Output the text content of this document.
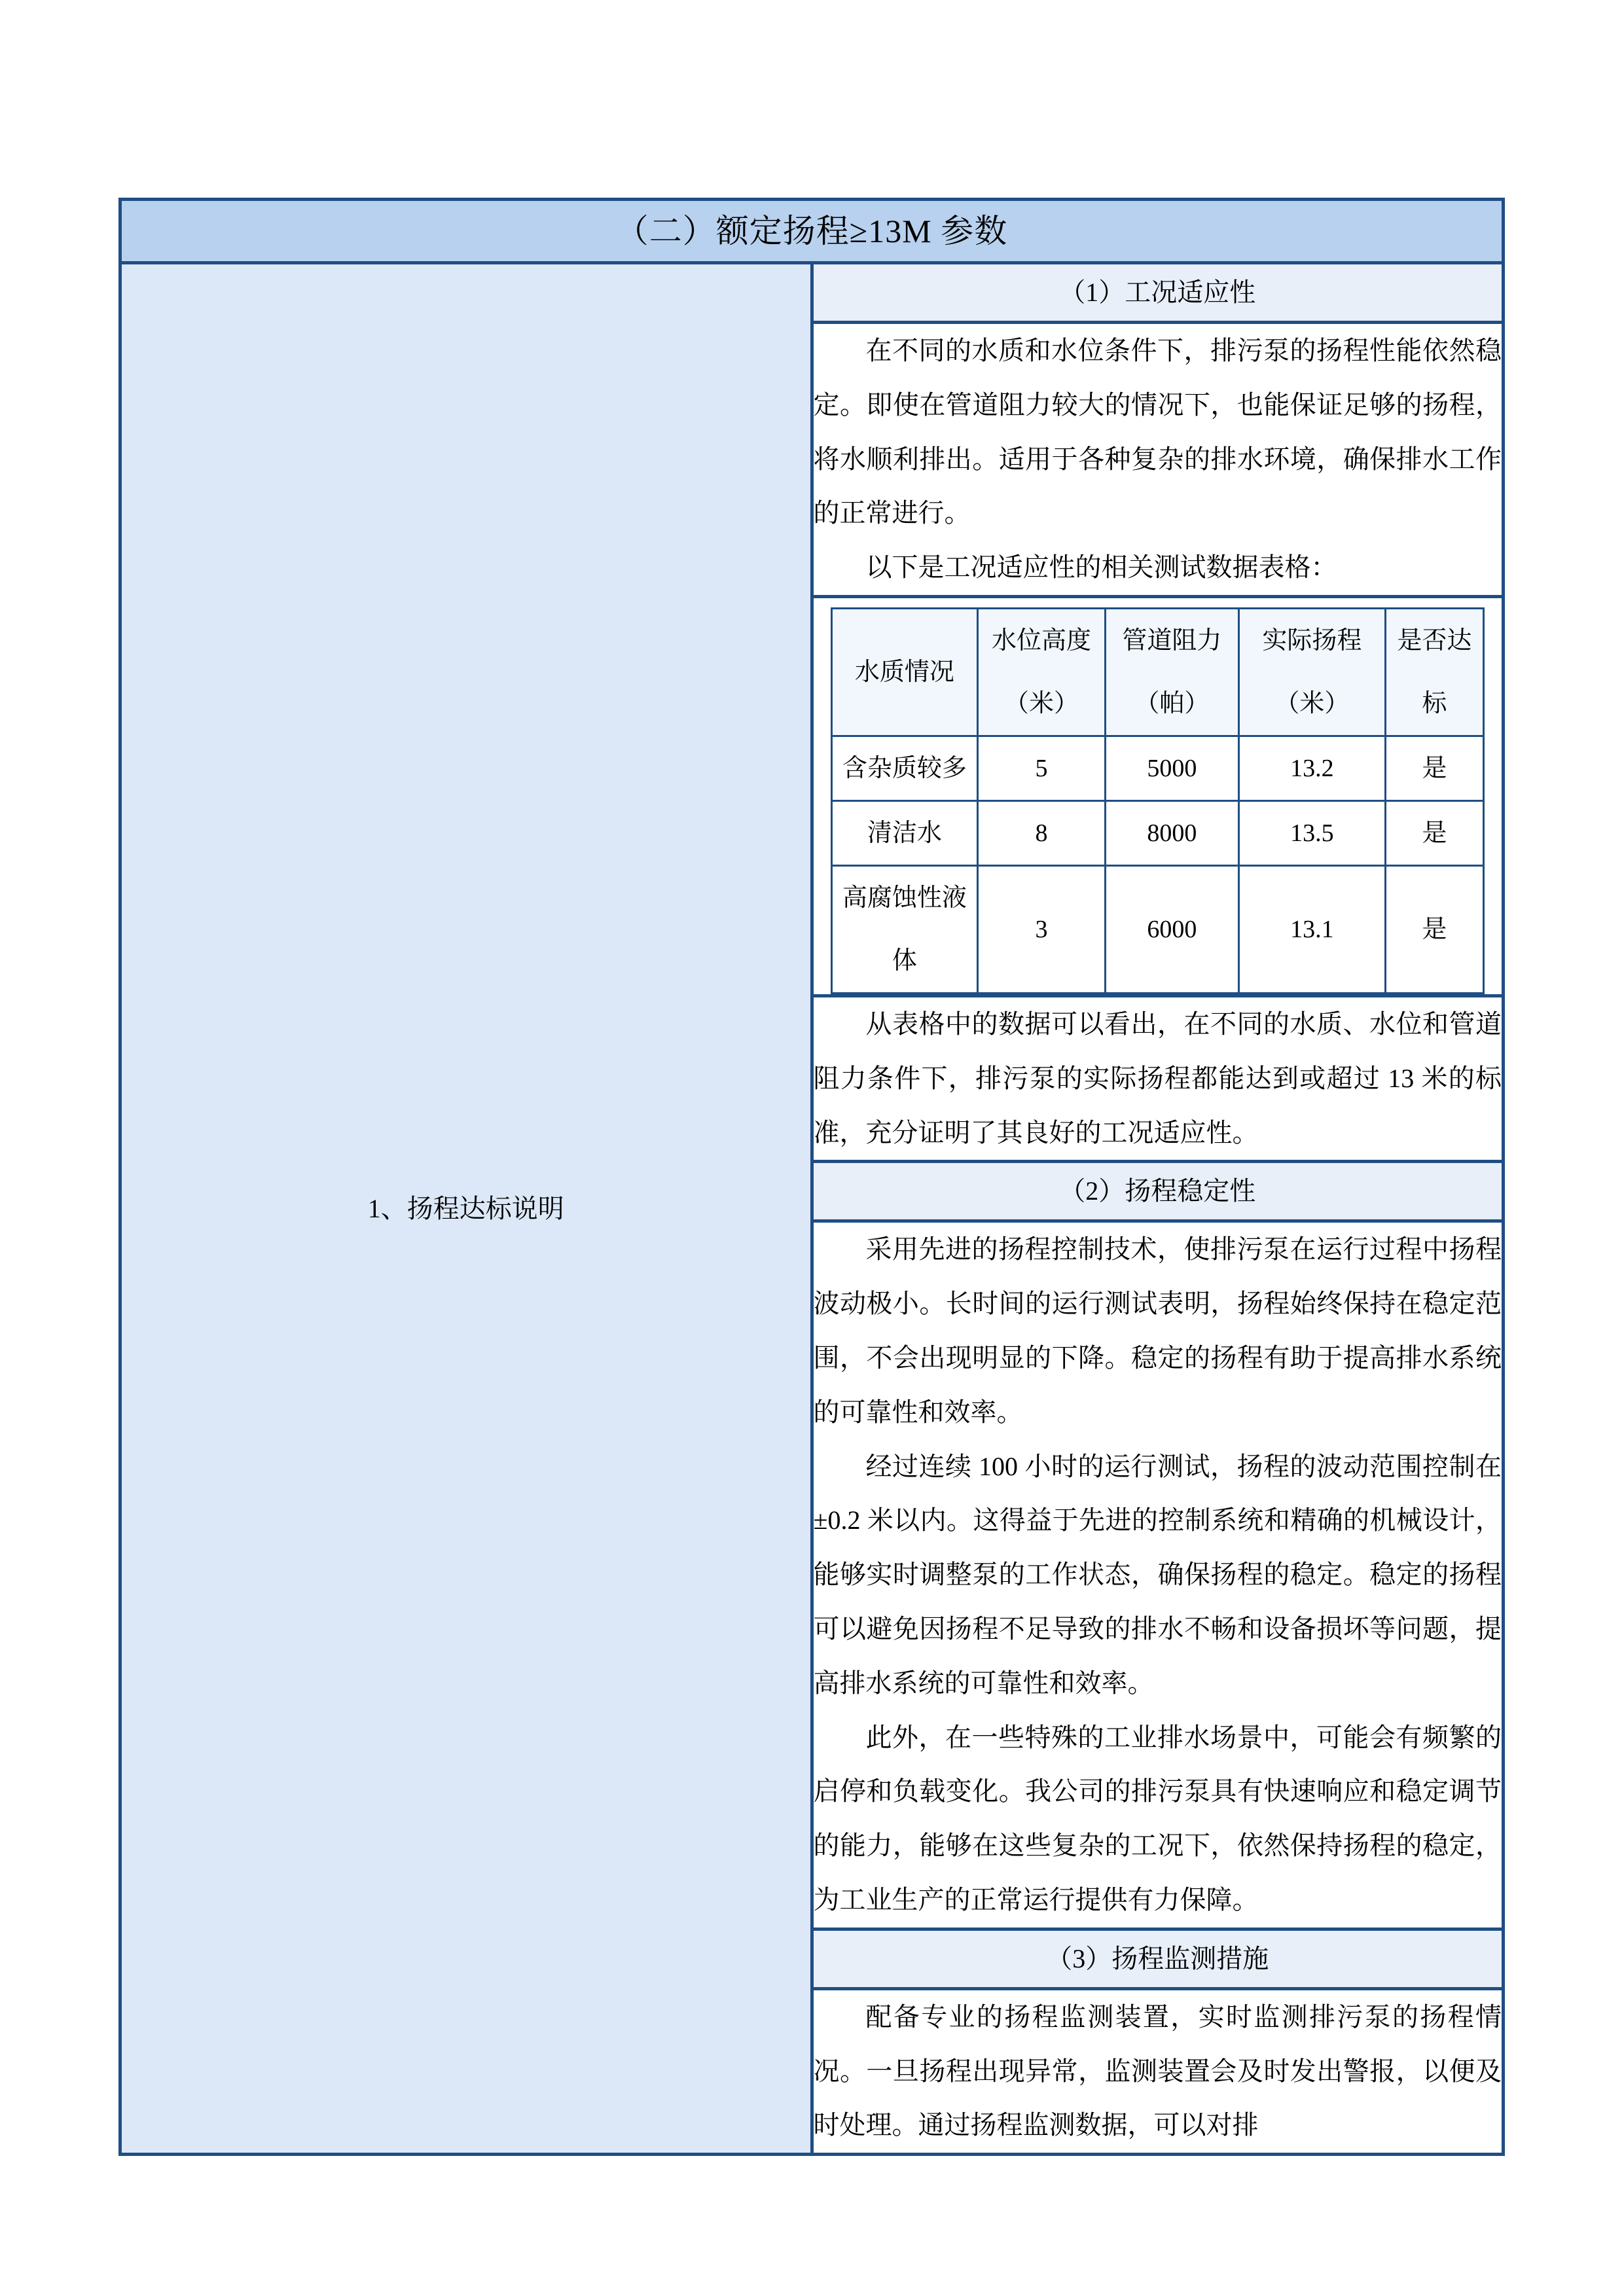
（二）额定扬程≥13M 参数
1、扬程达标说明	（1）工况适应性

在不同的水质和水位条件下，排污泵的扬程性能依然稳定。即使在管道阻力较大的情况下，也能保证足够的扬程，将水顺利排出。适用于各种复杂的排水环境，确保排水工作的正常进行。

以下是工况适应性的相关测试数据表格：

水质情况	水位高度（米）	管道阻力（帕）	实际扬程（米）	是否达标
含杂质较多	5	5000	13.2	是
清洁水	8	8000	13.5	是
高腐蚀性液体	3	6000	13.1	是

从表格中的数据可以看出，在不同的水质、水位和管道阻力条件下，排污泵的实际扬程都能达到或超过 13 米的标准，充分证明了其良好的工况适应性。

（2）扬程稳定性

采用先进的扬程控制技术，使排污泵在运行过程中扬程波动极小。长时间的运行测试表明，扬程始终保持在稳定范围，不会出现明显的下降。稳定的扬程有助于提高排水系统的可靠性和效率。

经过连续 100 小时的运行测试，扬程的波动范围控制在±0.2 米以内。这得益于先进的控制系统和精确的机械设计，能够实时调整泵的工作状态，确保扬程的稳定。稳定的扬程可以避免因扬程不足导致的排水不畅和设备损坏等问题，提高排水系统的可靠性和效率。

此外，在一些特殊的工业排水场景中，可能会有频繁的启停和负载变化。我公司的排污泵具有快速响应和稳定调节的能力，能够在这些复杂的工况下，依然保持扬程的稳定，为工业生产的正常运行提供有力保障。

（3）扬程监测措施

配备专业的扬程监测装置，实时监测排污泵的扬程情况。一旦扬程出现异常，监测装置会及时发出警报，以便及时处理。通过扬程监测数据，可以对排
